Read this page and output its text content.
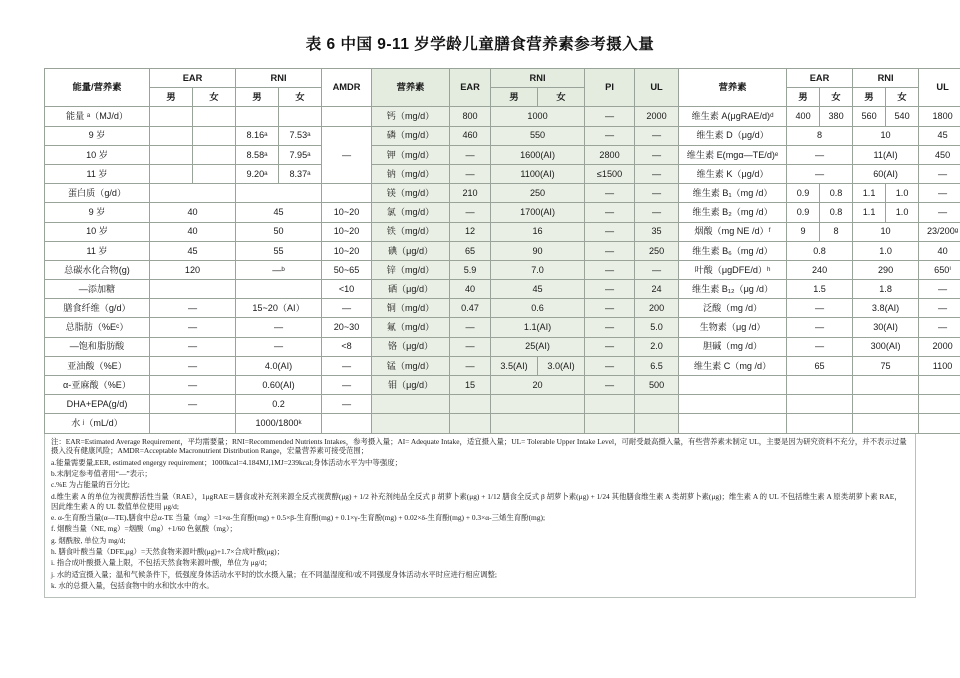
表 6 中国 9-11 岁学龄儿童膳食营养素参考摄入量
能量/营养素	EAR		RNI		AMDR	营养素	EAR	RNI		PI	UL	营养素	EAR		RNI		UL
	男	女	男	女				男	女				男	女	男	女	
能量 ᵃ（MJ/d）						钙（mg/d）	800	1000		—	2000	维生素 A(μgRAE/d)ᵈ	400	380	560	540	1800
9 岁			8.16ᵃ	7.53ᵃ	—	磷（mg/d）	460	550		—	—	维生素 D（μg/d）	8		10		45
10 岁			8.58ᵃ	7.95ᵃ		钾（mg/d）	—	1600(AI)		2800	—	维生素 E(mgα—TE/d)ᵉ	—		11(AI)		450
11 岁			9.20ᵃ	8.37ᵃ		钠（mg/d）	—	1100(AI)		≤1500	—	维生素 K（μg/d）	—		60(AI)		—
蛋白质（g/d）						镁（mg/d）	210	250		—	—	维生素 B₁（mg /d）	0.9	0.8	1.1	1.0	—
9 岁	40		45		10~20	氯（mg/d）	—	1700(AI)		—	—	维生素 B₂（mg /d）	0.9	0.8	1.1	1.0	—
10 岁	40		50		10~20	铁（mg/d）	12	16		—	35	烟酸（mg NE /d）ᶠ	9	8	10		23/200ᵍ
11 岁	45		55		10~20	碘（μg/d）	65	90		—	250	维生素 B₆（mg /d）	0.8		1.0		40
总碳水化合物(g)	120		—ᵇ		50~65	锌（mg/d）	5.9	7.0		—	—	叶酸（μgDFE/d）ʰ	240		290		650ⁱ
—添加糖					<10	硒（μg/d）	40	45		—	24	维生素 B₁₂（μg /d）	1.5		1.8		—
膳食纤维（g/d）	—		15~20（AI）		—	铜（mg/d）	0.47	0.6		—	200	泛酸（mg /d）	—		3.8(AI)		—
总脂肪（%Eᶜ）	—		—		20~30	氟（mg/d）	—	1.1(AI)		—	5.0	生物素（μg /d）	—		30(AI)		—
—饱和脂肪酸	—		—		<8	铬（μg/d）	—	25(AI)		—	2.0	胆碱（mg /d）	—		300(AI)		2000
亚油酸（%E）	—		4.0(AI)		—	锰（mg/d）	—	3.5(AI)	3.0(AI)	—	6.5	维生素 C（mg /d）	65		75		1100
α-亚麻酸（%E）	—		0.60(AI)		—	钼（μg/d）	15	20		—	500						
DHA+EPA(g/d)	—		0.2		—												
水 ʲ（mL/d）			1000/1800ᵏ														

注：EAR=Estimated Average Requirement，平均需要量；RNI=Recommended Nutrients Intakes，参考摄入量；AI= Adequate Intake，适宜摄入量；UL= Tolerable Upper Intake Level，可耐受最高摄入量，有些营养素未制定 UL，主要是因为研究资料不充分，并不表示过量摄入没有健康风险；AMDR=Acceptable Macronutrient Distribution Range，宏量营养素可接受范围；

a.能量需要量,EER, estimated engergy requirement；1000kcal=4.184MJ,1MJ=239kcal;身体活动水平为中等强度；

b.未制定参考值者用“—”表示；

c.%E 为占能量的百分比;

d.维生素 A 的单位为视黄醇活性当量（RAE），1μgRAE＝膳食或补充剂来源全反式视黄醇(μg) + 1/2 补充剂纯品全反式 β 胡萝卜素(μg) + 1/12 膳食全反式 β 胡萝卜素(μg) + 1/24 其他膳食维生素 A 类胡萝卜素(μg)；维生素 A 的 UL 不包括维生素 A 原类胡萝卜素 RAE，因此维生素 A 的 UL 数值单位使用 μg/d;

e. α-生育酚当量(α—TE),膳食中总α-TE 当量（mg）=1×α-生育酚(mg) + 0.5×β-生育酚(mg) + 0.1×γ-生育酚(mg) + 0.02×δ-生育酚(mg) + 0.3×α-三烯生育酚(mg);

f. 烟酸当量（NE, mg）=烟酸（mg）+1/60 色氨酸（mg）；

g. 烟酰胺, 单位为 mg/d;

h. 膳食叶酸当量（DFE,μg）=天然食物来源叶酸(μg)+1.7×合成叶酸(μg)；

i. 指合成叶酸摄入量上限，不包括天然食物来源叶酸，单位为 μg/d；

j. 水的适宜摄入量；温和气候条件下，低强度身体活动水平时的饮水摄入量；在不同温湿度和/或不同强度身体活动水平时应进行相应调整;

k. 水的总摄入量，包括食物中的水和饮水中的水。
